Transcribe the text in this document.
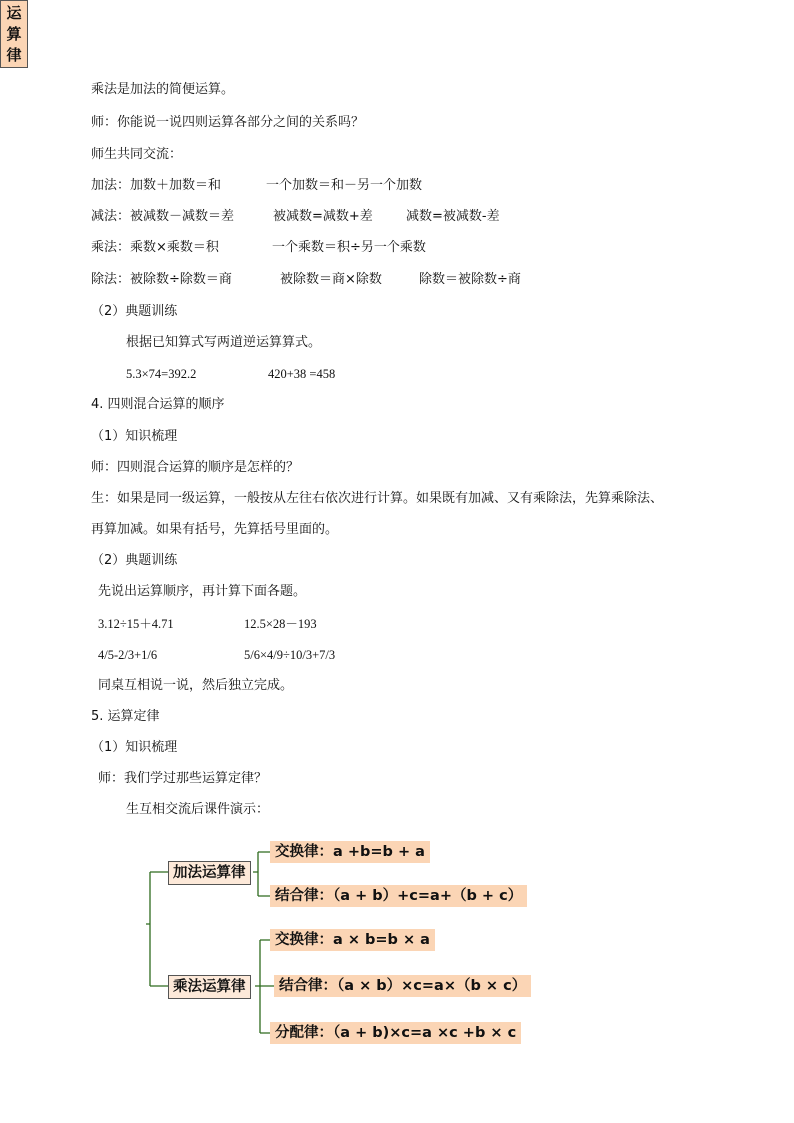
乘法是加法的简便运算。
师：你能说一说四则运算各部分之间的关系吗？
师生共同交流：
加法：加数＋加数＝和	一个加数＝和－另一个加数
减法：被减数－减数＝差	被减数=减数+差	减数=被减数-差
乘法：乘数×乘数＝积	一个乘数＝积÷另一个乘数
除法：被除数÷除数＝商	被除数＝商×除数	除数＝被除数÷商
（2）典题训练
根据已知算式写两道逆运算算式。
5.3×74=392.2	420+38 =458
4. 四则混合运算的顺序
（1）知识梳理
师：四则混合运算的顺序是怎样的？
生：如果是同一级运算，一般按从左往右依次进行计算。如果既有加减、又有乘除法，先算乘除法、
再算加减。如果有括号，先算括号里面的。
（2）典题训练
先说出运算顺序，再计算下面各题。
3.12÷15＋4.71	12.5×28－193
4/5-2/3+1/6	5/6×4/9÷10/3+7/3
同桌互相说一说，然后独立完成。
5. 运算定律
（1）知识梳理
师：我们学过那些运算定律？
生互相交流后课件演示：
运
算
律
加法运算律
乘法运算律
交换律：a +b=b + a
结合律：（a + b）+c=a+（b + c）
交换律：a × b=b × a
结合律：（a × b）×c=a×（b × c）
分配律：（a + b)×c=a ×c +b × c
